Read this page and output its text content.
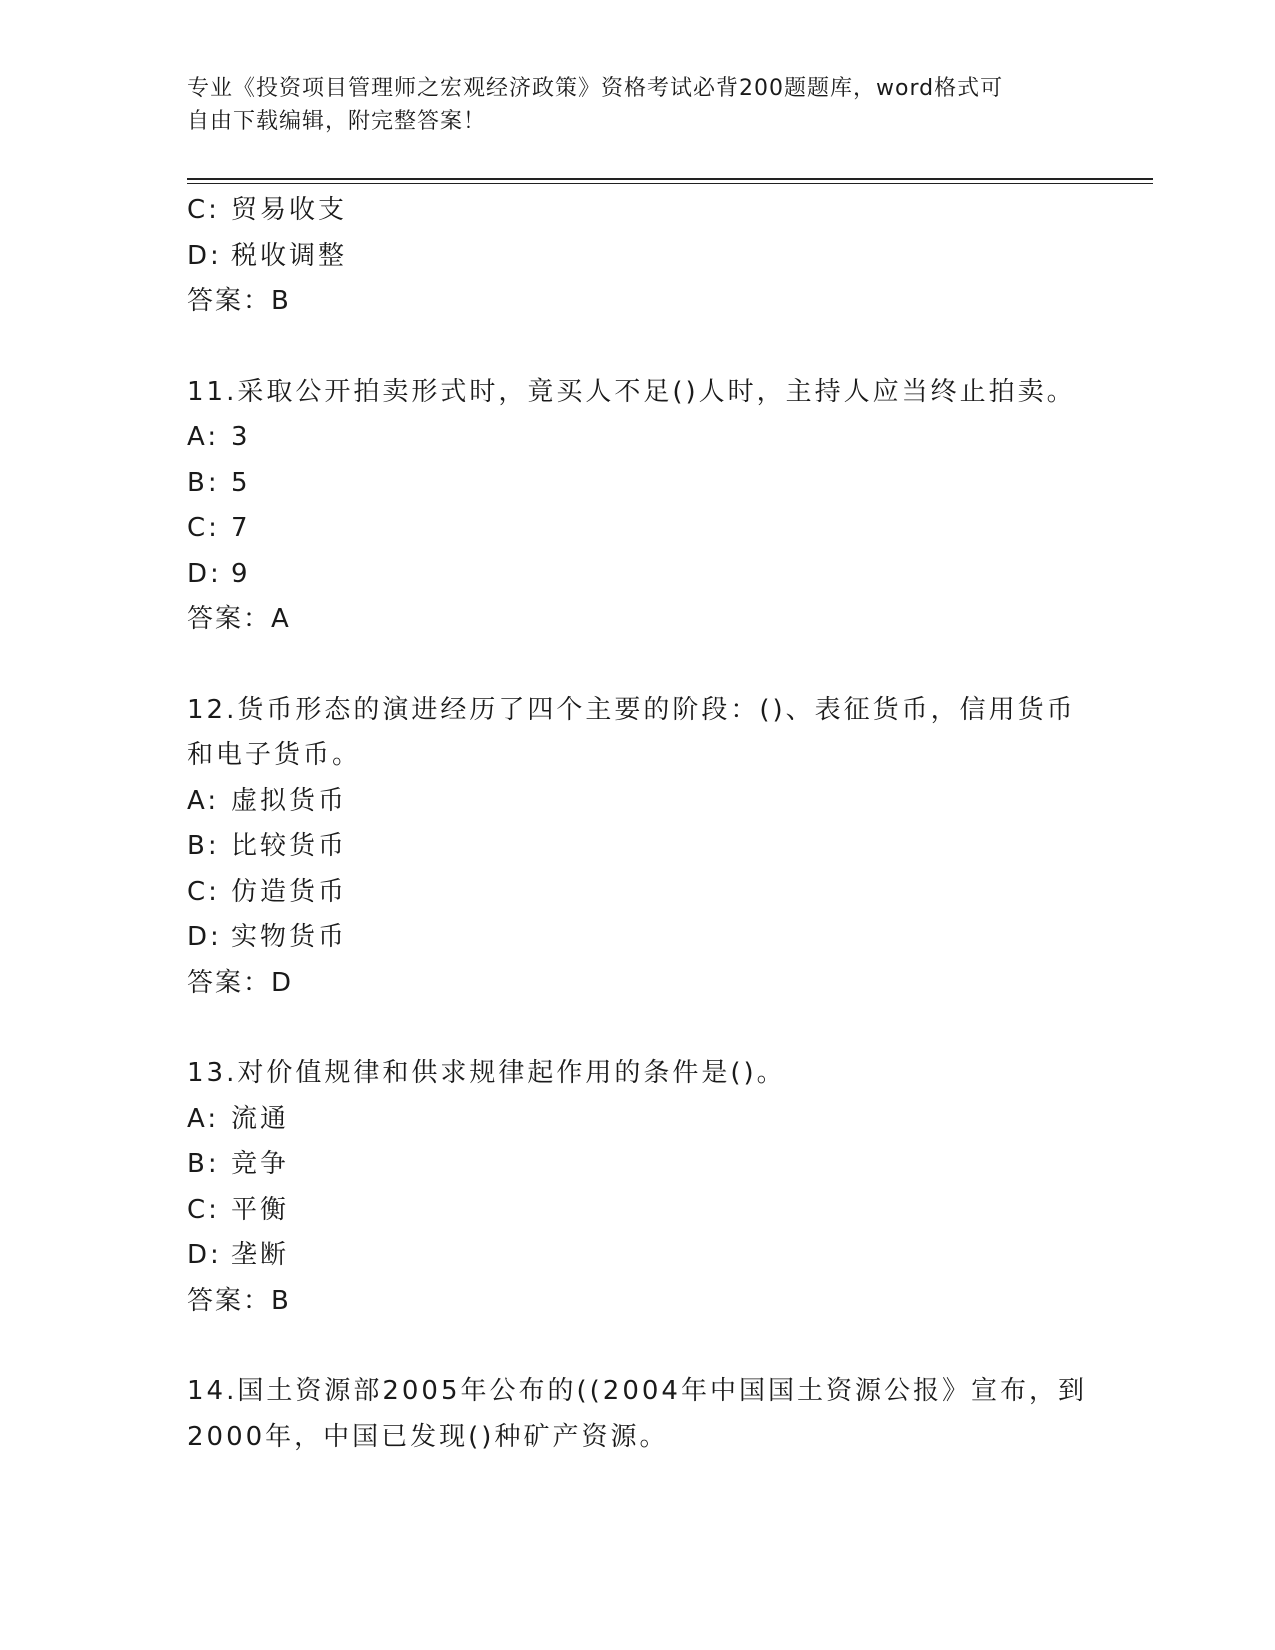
专业《投资项目管理师之宏观经济政策》资格考试必背200题题库，word格式可
自由下载编辑，附完整答案！
C: 贸易收支
D: 税收调整
答案：B
11.采取公开拍卖形式时，竟买人不足()人时，主持人应当终止拍卖。
A: 3
B: 5
C: 7
D: 9
答案：A
12.货币形态的演进经历了四个主要的阶段：()、表征货币，信用货币
和电子货币。
A: 虚拟货币
B: 比较货币
C: 仿造货币
D: 实物货币
答案：D
13.对价值规律和供求规律起作用的条件是()。
A: 流通
B: 竞争
C: 平衡
D: 垄断
答案：B
14.国土资源部2005年公布的((2004年中国国土资源公报》宣布，到
2000年，中国已发现()种矿产资源。
